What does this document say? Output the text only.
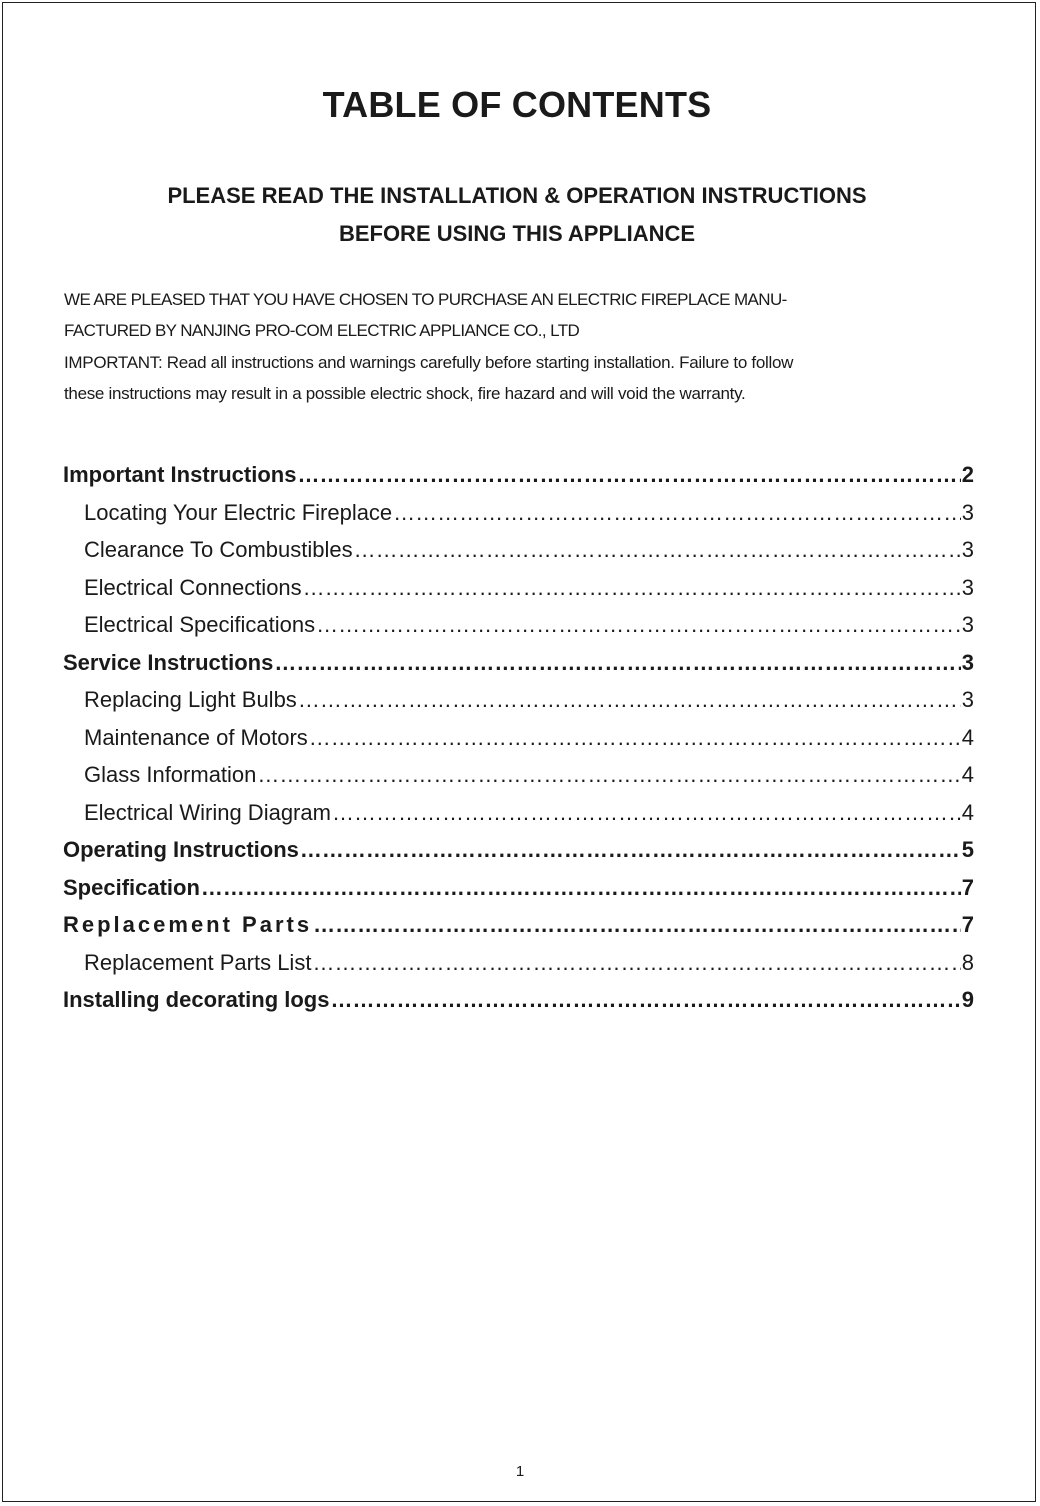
TABLE OF CONTENTS
PLEASE READ THE INSTALLATION & OPERATION INSTRUCTIONS
BEFORE USING THIS APPLIANCE
WE ARE PLEASED THAT YOU HAVE CHOSEN TO PURCHASE AN ELECTRIC FIREPLACE MANU-
FACTURED BY NANJING PRO-COM ELECTRIC APPLIANCE CO., LTD
IMPORTANT: Read all instructions and warnings carefully before starting installation. Failure to follow
these instructions may result in a possible electric shock, fire hazard and will void the warranty.
Important Instructions ………………………………………………………………………………………………………………………………………………………………	2
Locating Your Electric Fireplace ………………………………………………………………………………………………………………………………………………………………	3
Clearance To Combustibles ………………………………………………………………………………………………………………………………………………………………	3
Electrical Connections ………………………………………………………………………………………………………………………………………………………………	3
Electrical Specifications ………………………………………………………………………………………………………………………………………………………………	3
Service Instructions ………………………………………………………………………………………………………………………………………………………………	3
Replacing Light Bulbs ………………………………………………………………………………………………………………………………………………………………	3
Maintenance of Motors ………………………………………………………………………………………………………………………………………………………………	4
Glass Information ………………………………………………………………………………………………………………………………………………………………	4
Electrical Wiring Diagram ………………………………………………………………………………………………………………………………………………………………	4
Operating Instructions ………………………………………………………………………………………………………………………………………………………………	5
Specification ………………………………………………………………………………………………………………………………………………………………	7
Replacement Parts ………………………………………………………………………………………………………………………………………………………………	7
Replacement Parts List ………………………………………………………………………………………………………………………………………………………………	8
Installing decorating logs ………………………………………………………………………………………………………………………………………………………………	9
1
